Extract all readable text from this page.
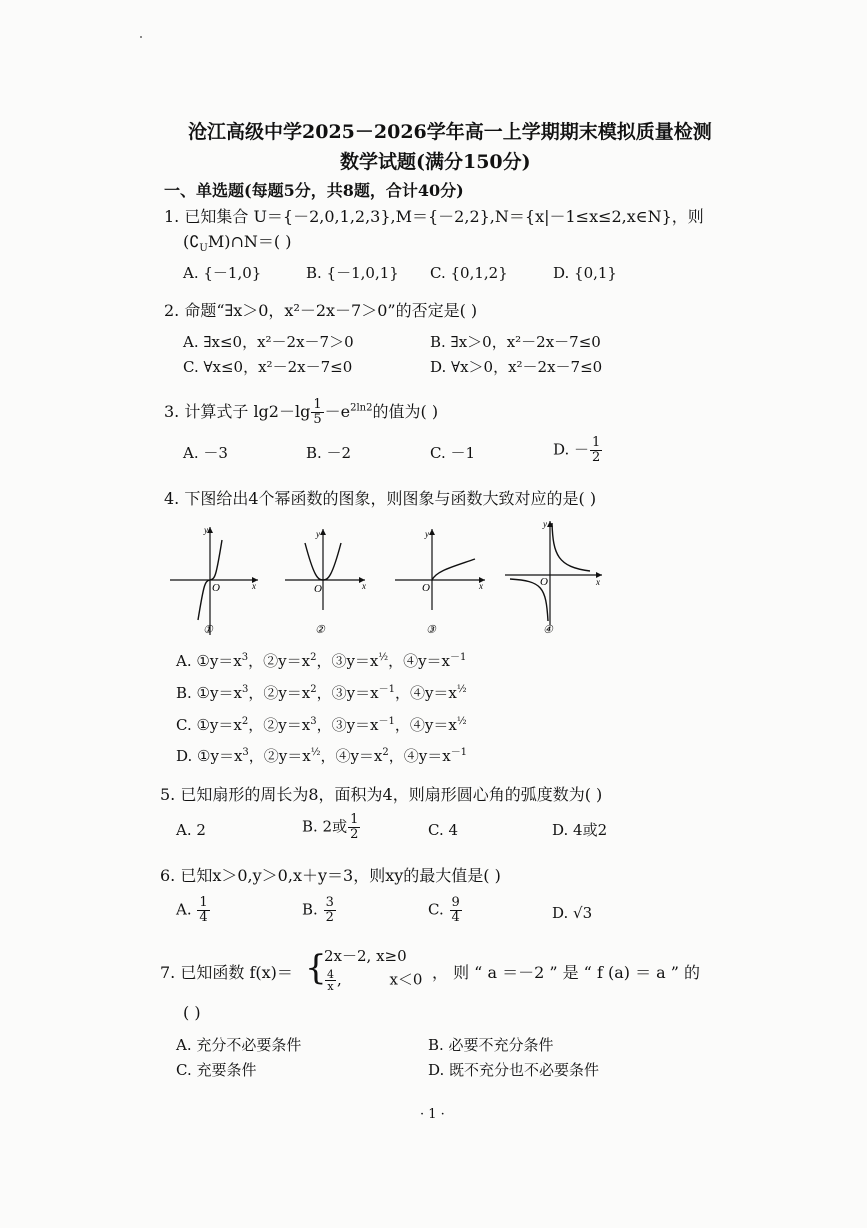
沧江高级中学2025－2026学年高一上学期期末模拟质量检测
数学试题(满分150分)
一、单选题(每题5分，共8题，合计40分)
1. 已知集合 U＝{－2,0,1,2,3},M＝{－2,2},N＝{x|－1≤x≤2,x∈N}，则
$(∁_UM)\cap N=$( )
A. {－1,0}	B. {－1,0,1} C. {0,1,2}	D. {0,1}
2. 命题“∃x＞0，x²－2x－7＞0”的否定是( )
A. ∃x≤0，x²－2x－7＞0	B. ∃x＞0，x²－2x－7≤0
C. ∀x≤0，x²－2x－7≤0	D. ∀x＞0，x²－2x－7≤0
3. 计算式子 $\lg 2-\lg \frac{1}{5} -e^{2ln2}$的值为( )
A. －3	B. －2	C. －1	D. － $\frac{1}{2}$
4. 下图给出4个幂函数的图象，则图象与函数大致对应的是( )
y
x
O
①
y
x
O
②
y
x
O
③
y
x
O
④
A. $①y=x^3$，$②y=x^2$，$③y=x^{\frac{1}{2}}$，$④y=x^{-1}$
B. $①y=x^3$，$②y=x^2$，$③y=x^{-1}$，$④y=x^{\frac{1}{2}}$
C. $①y=x^2$，$②y=x^3$，$③y=x^{-1}$，$④y=x^{\frac{1}{2}}$
D. $①y=x^3$，$②y=x^{\frac{1}{2}}$，$④y=x^2$，$④y=x^{-1}$
5. 已知扇形的周长为8，面积为4，则扇形圆心角的弧度数为( )
A. 2	B. 2或 $\frac{1}{2}$	C. 4	D. 4或2
6. 已知x＞0,y＞0,x＋y＝3，则xy的最大值是( )
A. $\frac{1}{4}$	B. $\frac{3}{2}$	C. $\frac{9}{4}$	D. √3
7. 已知函数 f(x)＝ {
2x－2, x≥0
$\frac{4}{x}$ ,          x＜0 ， 则 “ a ＝－2 ” 是 “ f (a) ＝ a ” 的
( )
A. 充分不必要条件	B. 必要不充分条件
C. 充要条件	D. 既不充分也不必要条件
· 1 ·
